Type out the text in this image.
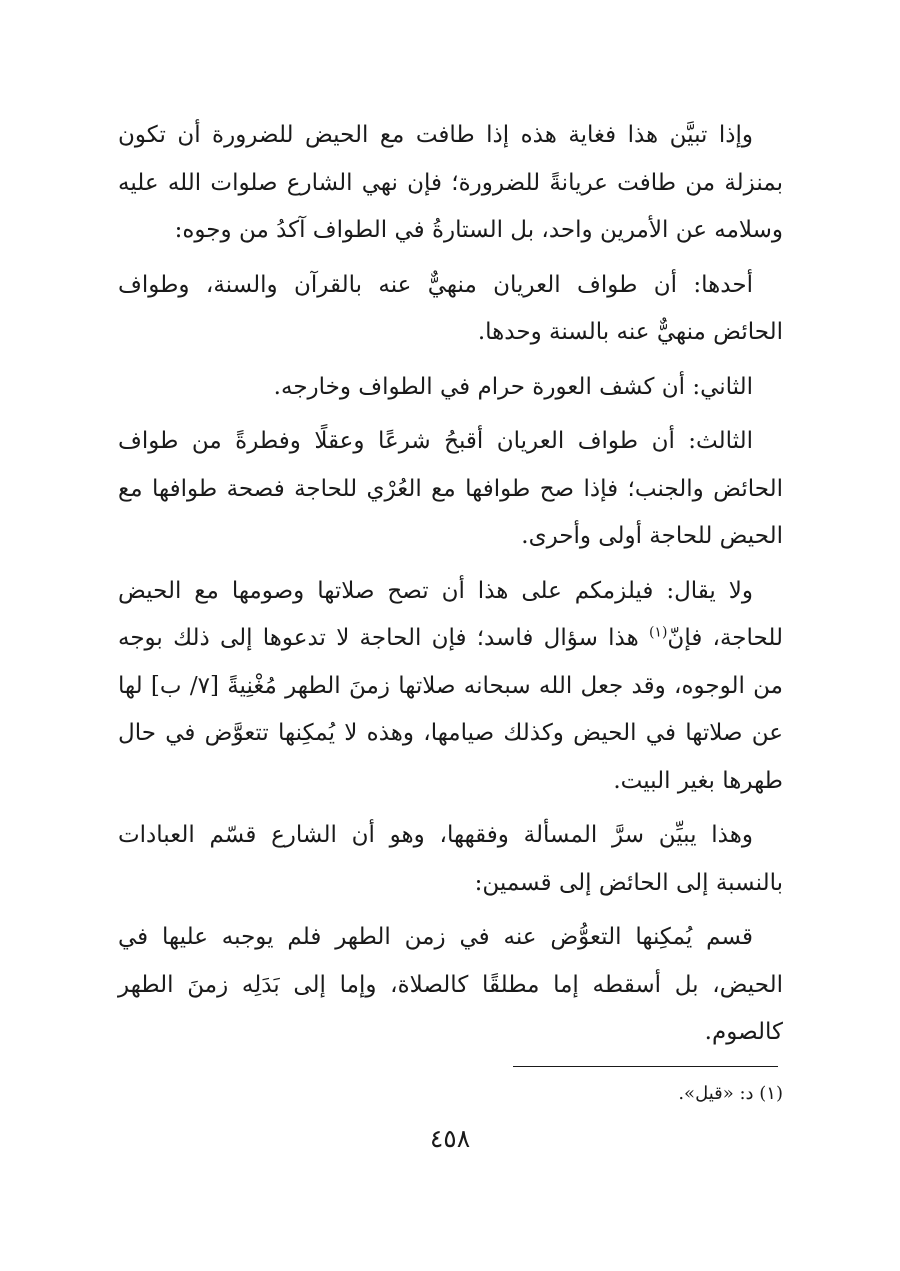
وإذا تبيَّن هذا فغاية هذه إذا طافت مع الحيض للضرورة أن تكون بمنزلة من طافت عريانةً للضرورة؛ فإن نهي الشارع صلوات الله عليه وسلامه عن الأمرين واحد، بل الستارةُ في الطواف آكدُ من وجوه:

أحدها: أن طواف العريان منهيٌّ عنه بالقرآن والسنة، وطواف الحائض منهيٌّ عنه بالسنة وحدها.

الثاني: أن كشف العورة حرام في الطواف وخارجه.

الثالث: أن طواف العريان أقبحُ شرعًا وعقلًا وفطرةً من طواف الحائض والجنب؛ فإذا صح طوافها مع العُرْي للحاجة فصحة طوافها مع الحيض للحاجة أولى وأحرى.

ولا يقال: فيلزمكم على هذا أن تصح صلاتها وصومها مع الحيض للحاجة، فإنّ$^{(١)}$ هذا سؤال فاسد؛ فإن الحاجة لا تدعوها إلى ذلك بوجه من الوجوه، وقد جعل الله سبحانه صلاتها زمنَ الطهر مُغْنِيةً [٧/ ب] لها عن صلاتها في الحيض وكذلك صيامها، وهذه لا يُمكِنها تتعوَّض في حال طهرها بغير البيت.

وهذا يبيِّن سرَّ المسألة وفقهها، وهو أن الشارع قسّم العبادات بالنسبة إلى الحائض إلى قسمين:

قسم يُمكِنها التعوُّض عنه في زمن الطهر فلم يوجبه عليها في الحيض، بل أسقطه إما مطلقًا كالصلاة، وإما إلى بَدَلِه زمنَ الطهر كالصوم.

(١) د: «قيل».
٤٥٨
